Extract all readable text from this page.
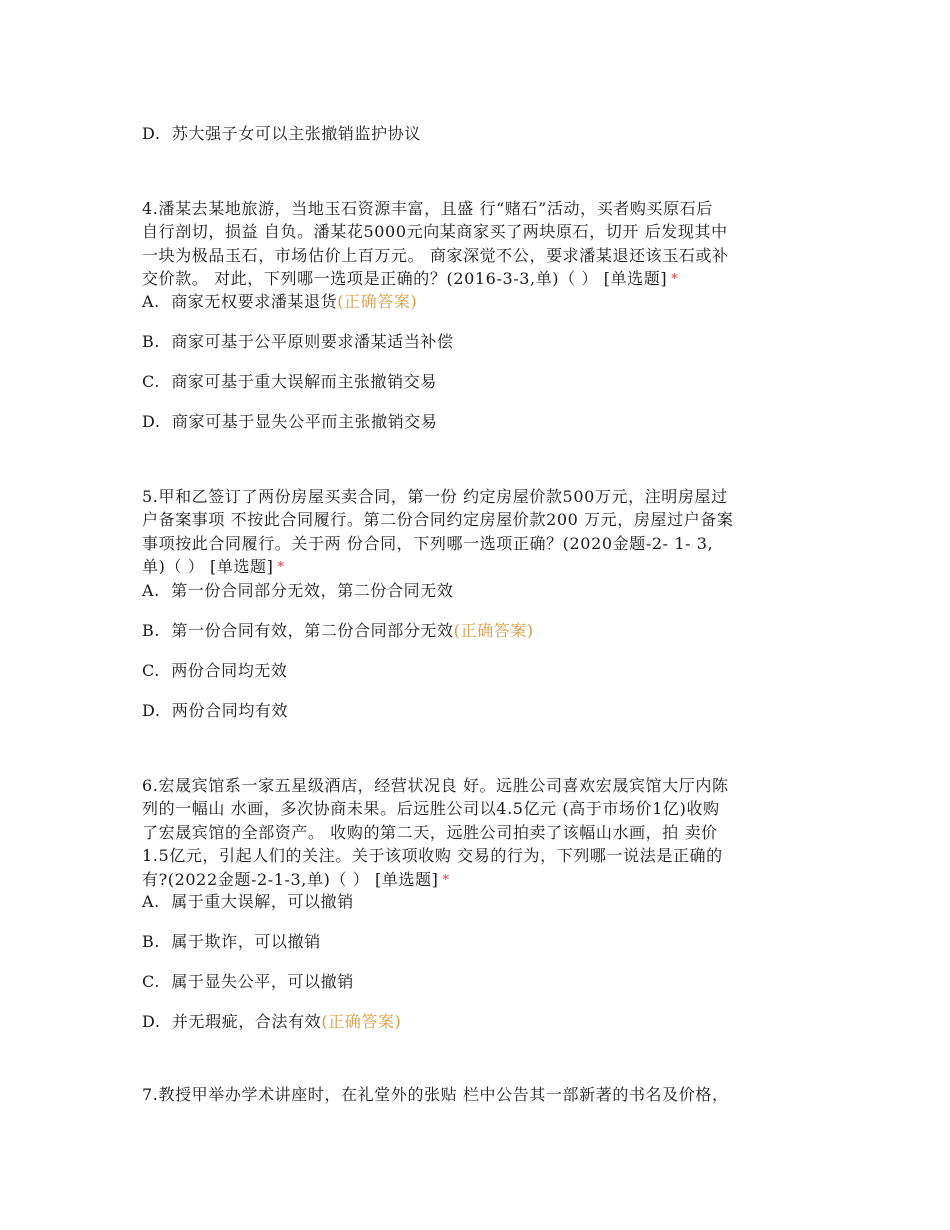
D.  苏大强子女可以主张撤销监护协议
4.潘某去某地旅游，当地玉石资源丰富，且盛 行“赌石”活动，买者购买原石后
自行剖切，损益 自负。潘某花5000元向某商家买了两块原石，切开 后发现其中
一块为极品玉石，市场估价上百万元。 商家深觉不公，要求潘某退还该玉石或补
交价款。 对此，下列哪一选项是正确的？(2016-3-3,单)（ ） [单选题] *
A.  商家无权要求潘某退货(正确答案)
B.  商家可基于公平原则要求潘某适当补偿
C.  商家可基于重大误解而主张撤销交易
D.  商家可基于显失公平而主张撤销交易
5.甲和乙签订了两份房屋买卖合同，第一份 约定房屋价款500万元，注明房屋过
户备案事项 不按此合同履行。第二份合同约定房屋价款200 万元，房屋过户备案
事项按此合同履行。关于两 份合同，下列哪一选项正确？(2020金题-2- 1- 3,
单)（ ） [单选题] *
A.  第一份合同部分无效，第二份合同无效
B.  第一份合同有效，第二份合同部分无效(正确答案)
C.  两份合同均无效
D.  两份合同均有效
6.宏晟宾馆系一家五星级酒店，经营状况良 好。远胜公司喜欢宏晟宾馆大厅内陈
列的一幅山 水画，多次协商未果。后远胜公司以4.5亿元 (高于市场价1亿)收购
了宏晟宾馆的全部资产。 收购的第二天，远胜公司拍卖了该幅山水画，拍 卖价
1.5亿元，引起人们的关注。关于该项收购 交易的行为，下列哪一说法是正确的
有?(2022金题-2-1-3,单)（ ） [单选题] *
A.  属于重大误解，可以撤销
B.  属于欺诈，可以撤销
C.  属于显失公平，可以撤销
D.  并无瑕疵，合法有效(正确答案)
7.教授甲举办学术讲座时，在礼堂外的张贴 栏中公告其一部新著的书名及价格，
